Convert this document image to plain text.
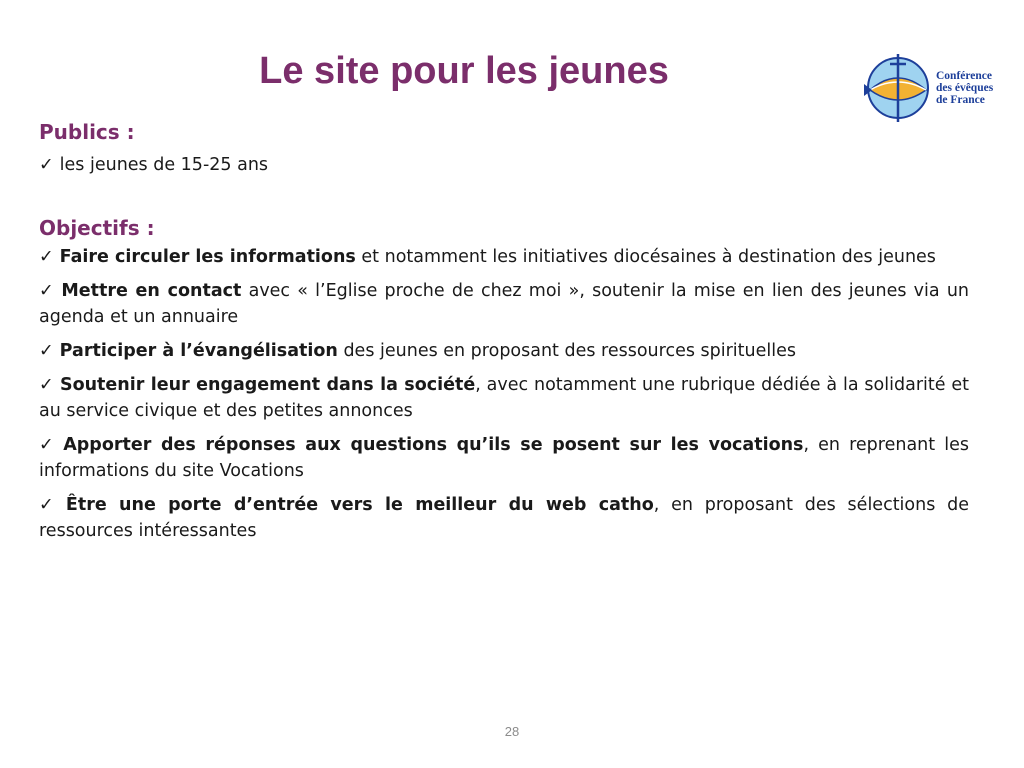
Le site pour les jeunes	Conférence
des évêques
de France

Publics :

✓ les jeunes de 15-25 ans

Objectifs :

✓ Faire circuler les informations et notamment les initiatives diocésaines à destination des jeunes

✓ Mettre en contact avec « l’Eglise proche de chez moi », soutenir la mise en lien des jeunes via un agenda et un annuaire

✓ Participer à l’évangélisation des jeunes en proposant des ressources spirituelles

✓ Soutenir leur engagement dans la société, avec notamment une rubrique dédiée à la solidarité et au service civique et des petites annonces

✓ Apporter des réponses aux questions qu’ils se posent sur les vocations, en reprenant les informations du site Vocations

✓ Être une porte d’entrée vers le meilleur du web catho, en proposant des sélections de ressources intéressantes

28
